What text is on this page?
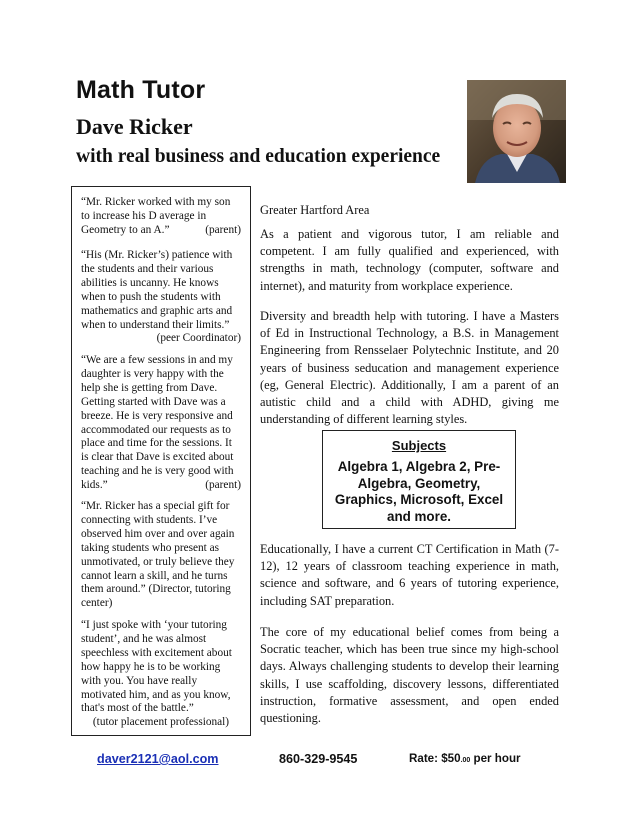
Math Tutor
Dave Ricker
with real business and education experience
“Mr. Ricker worked with my son to increase his D average in Geometry to an A.”	(parent)
“His (Mr. Ricker’s) patience with the students and their various abilities is uncanny. He knows when to push the students with mathematics and graphic arts and when to understand their limits.”
(peer Coordinator)
“We are a few sessions in and my daughter is very happy with the help she is getting from Dave. Getting started with Dave was a breeze. He is very responsive and accommodated our requests as to place and time for the sessions. It is clear that Dave is excited about teaching and he is very good with kids.”	(parent)
“Mr. Ricker has a special gift for connecting with students. I’ve observed him over and over again taking students who present as unmotivated, or truly believe they cannot learn a skill, and he turns them around.” (Director, tutoring center)
“I just spoke with ‘your tutoring student’, and he was almost speechless with excitement about how happy he is to be working with you. You have really motivated him, and as you know, that's most of the battle.”
(tutor placement professional)
Greater Hartford Area
As a patient and vigorous tutor, I am reliable and competent. I am fully qualified and experienced, with strengths in math, technology (computer, software and internet), and maturity from workplace experience.
Diversity and breadth help with tutoring. I have a Masters of Ed in Instructional Technology, a B.S. in Management Engineering from Rensselaer Polytechnic Institute, and 20 years of business seducation and management experience (eg, General Electric). Additionally, I am a parent of an autistic child and a child with ADHD, giving me understanding of different learning styles.
Subjects
Algebra 1, Algebra 2, Pre-Algebra, Geometry, Graphics, Microsoft, Excel and more.
Educationally, I have a current CT Certification in Math (7-12), 12 years of classroom teaching experience in math, science and software, and 6 years of tutoring experience, including SAT preparation.
The core of my educational belief comes from being a Socratic teacher, which has been true since my high-school days. Always challenging students to develop their learning skills, I use scaffolding, discovery lessons, differentiated instruction, formative assessment, and open ended questioning.
daver2121@aol.com	860-329-9545	Rate: $50.00 per hour
